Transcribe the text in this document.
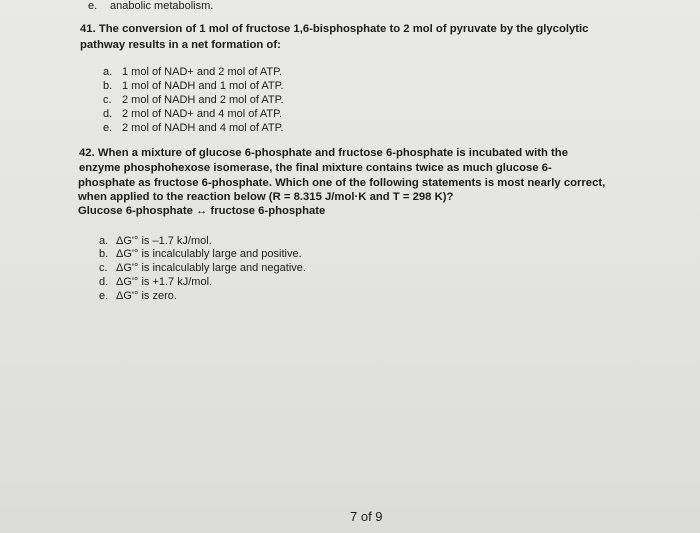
e. anabolic metabolism.
41. The conversion of 1 mol of fructose 1,6-bisphosphate to 2 mol of pyruvate by the glycolytic
pathway results in a net formation of:
a. 1 mol of NAD+ and 2 mol of ATP.
b. 1 mol of NADH and 1 mol of ATP.
c. 2 mol of NADH and 2 mol of ATP.
d. 2 mol of NAD+ and 4 mol of ATP.
e. 2 mol of NADH and 4 mol of ATP.
42. When a mixture of glucose 6-phosphate and fructose 6-phosphate is incubated with the
enzyme phosphohexose isomerase, the final mixture contains twice as much glucose 6-
phosphate as fructose 6-phosphate. Which one of the following statements is most nearly correct,
when applied to the reaction below (R = 8.315 J/mol·K and T = 298 K)?
Glucose 6-phosphate ↔ fructose 6-phosphate
a. ΔG'° is –1.7 kJ/mol.
b. ΔG'° is incalculably large and positive.
c. ΔG'° is incalculably large and negative.
d. ΔG'° is +1.7 kJ/mol.
e. ΔG'° is zero.
7 of 9
